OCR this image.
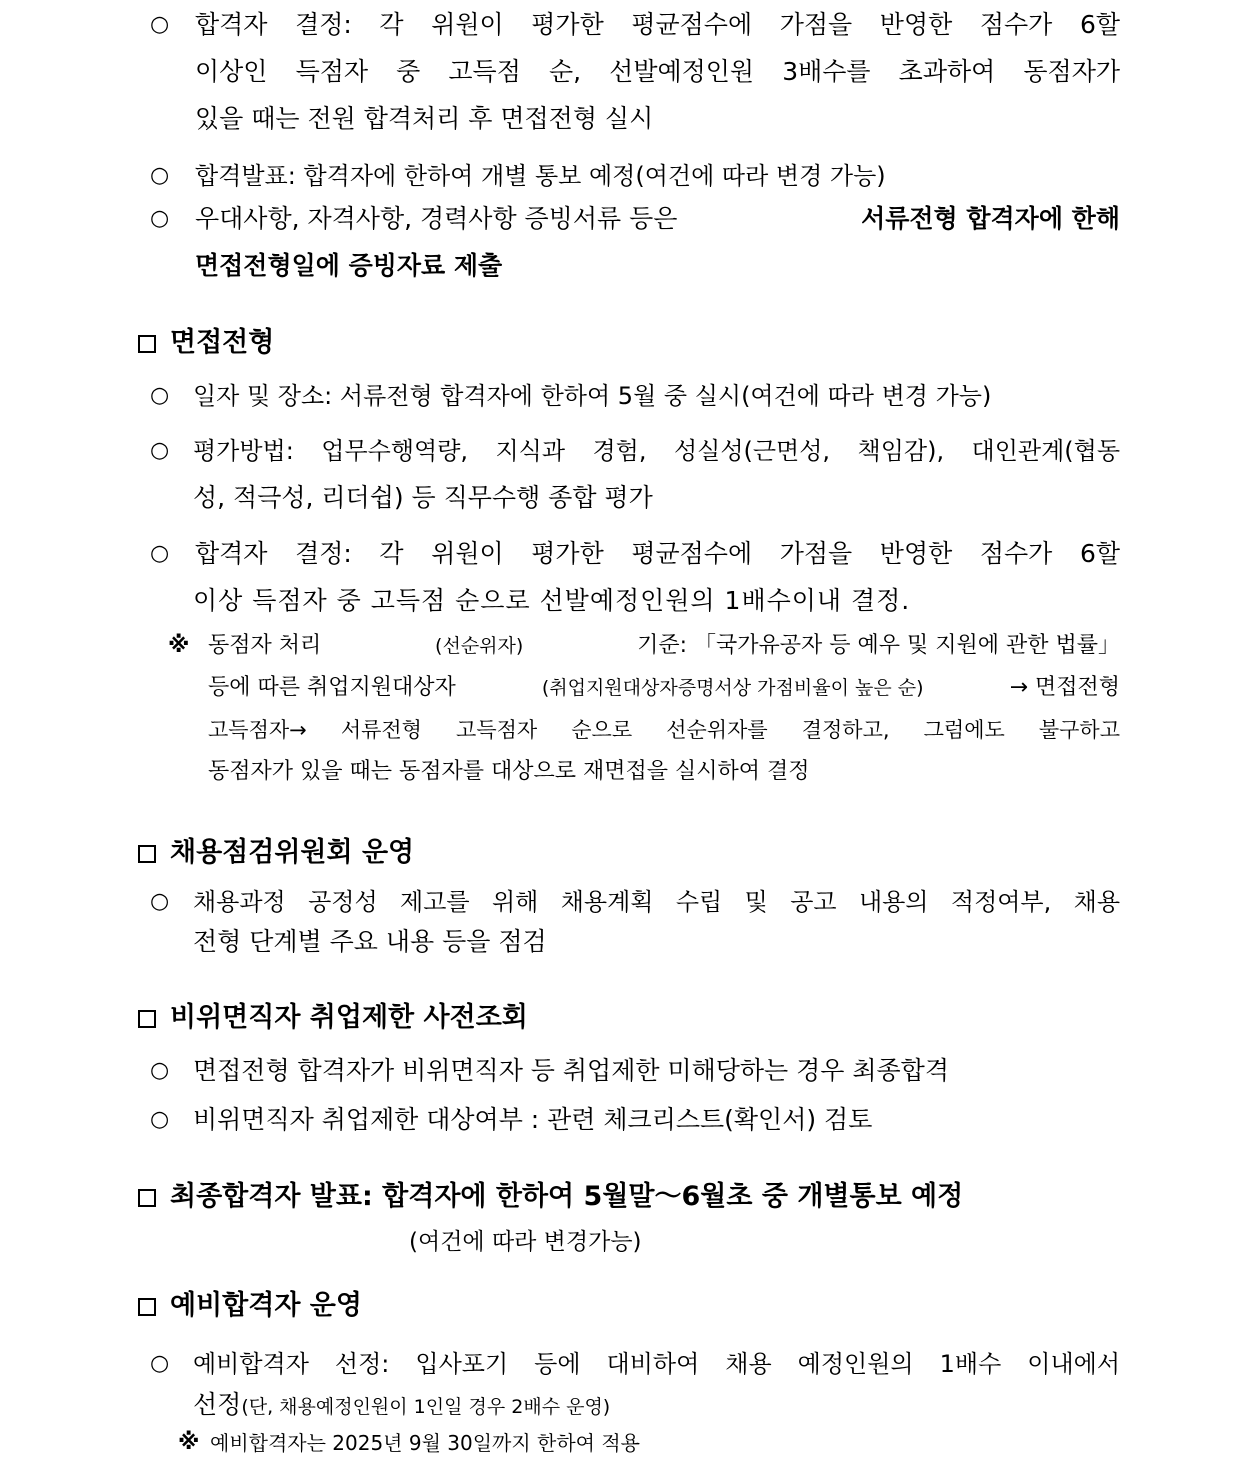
○ 합격자 결정: 각 위원이 평가한 평균점수에 가점을 반영한 점수가 6할
이상인 득점자 중 고득점 순, 선발예정인원 3배수를 초과하여 동점자가
있을 때는 전원 합격처리 후 면접전형 실시
○ 합격발표: 합격자에 한하여 개별 통보 예정(여건에 따라 변경 가능)
○ 우대사항, 자격사항, 경력사항 증빙서류 등은	서류전형 합격자에 한해
면접전형일에 증빙자료 제출
면접전형
○ 일자 및 장소: 서류전형 합격자에 한하여 5월 중 실시(여건에 따라 변경 가능)
○ 평가방법: 업무수행역량, 지식과 경험, 성실성(근면성, 책임감), 대인관계(협동
성, 적극성, 리더쉽) 등 직무수행 종합 평가
○ 합격자 결정: 각 위원이 평가한 평균점수에 가점을 반영한 점수가 6할
이상 득점자 중 고득점 순으로 선발예정인원의 1배수이내 결정.
※ 동점자 처리	(선순위자)	기준: 「국가유공자 등 예우 및 지원에 관한 법률」
등에 따른 취업지원대상자	(취업지원대상자증명서상 가점비율이 높은 순)	→ 면접전형
고득점자→ 서류전형 고득점자 순으로 선순위자를 결정하고, 그럼에도 불구하고
동점자가 있을 때는 동점자를 대상으로 재면접을 실시하여 결정
채용점검위원회 운영
○ 채용과정 공정성 제고를 위해 채용계획 수립 및 공고 내용의 적정여부, 채용
전형 단계별 주요 내용 등을 점검
비위면직자 취업제한 사전조회
○ 면접전형 합격자가 비위면직자 등 취업제한 미해당하는 경우 최종합격
○ 비위면직자 취업제한 대상여부 : 관련 체크리스트(확인서) 검토
최종합격자 발표: 합격자에 한하여 5월말～6월초 중 개별통보 예정
(여건에 따라 변경가능)
예비합격자 운영
○ 예비합격자 선정: 입사포기 등에 대비하여 채용 예정인원의 1배수 이내에서
선정(단, 채용예정인원이 1인일 경우 2배수 운영)
※ 예비합격자는 2025년 9월 30일까지 한하여 적용
